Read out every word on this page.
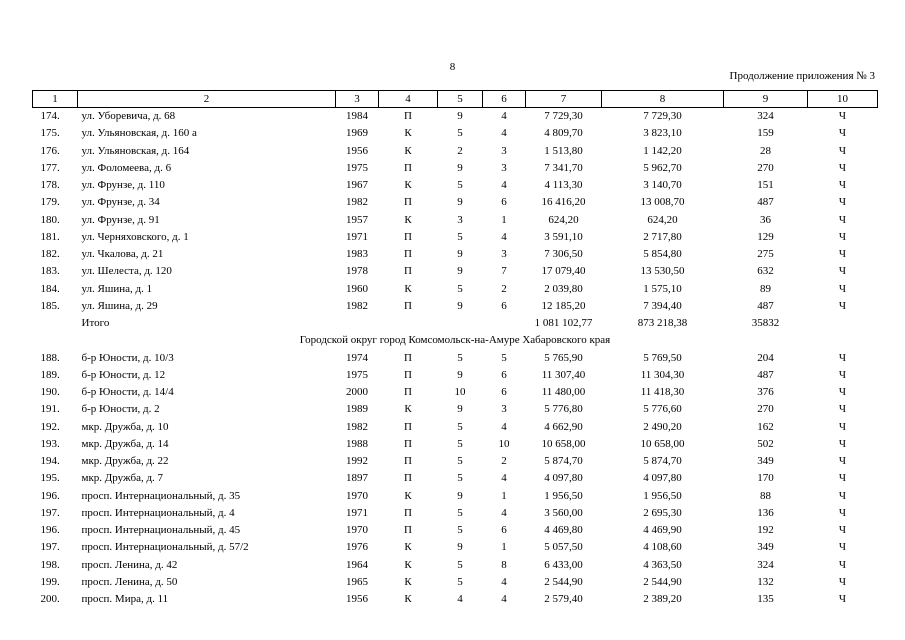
8
Продолжение приложения № 3
1	2	3	4	5	6	7	8	9	10
174.	ул. Уборевича, д. 68	1984	П	9	4	7 729,30	7 729,30	324	Ч
175.	ул. Ульяновская, д. 160 а	1969	К	5	4	4 809,70	3 823,10	159	Ч
176.	ул. Ульяновская, д. 164	1956	К	2	3	1 513,80	1 142,20	28	Ч
177.	ул. Фоломеева, д. 6	1975	П	9	3	7 341,70	5 962,70	270	Ч
178.	ул. Фрунзе, д. 110	1967	К	5	4	4 113,30	3 140,70	151	Ч
179.	ул. Фрунзе, д. 34	1982	П	9	6	16 416,20	13 008,70	487	Ч
180.	ул. Фрунзе, д. 91	1957	К	3	1	624,20	624,20	36	Ч
181.	ул. Черняховского, д. 1	1971	П	5	4	3 591,10	2 717,80	129	Ч
182.	ул. Чкалова, д. 21	1983	П	9	3	7 306,50	5 854,80	275	Ч
183.	ул. Шелеста, д. 120	1978	П	9	7	17 079,40	13 530,50	632	Ч
184.	ул. Яшина, д. 1	1960	К	5	2	2 039,80	1 575,10	89	Ч
185.	ул. Яшина, д. 29	1982	П	9	6	12 185,20	7 394,40	487	Ч
	Итого					1 081 102,77	873 218,38	35832	
Городской округ город Комсомольск-на-Амуре Хабаровского края									
188.	б-р Юности, д. 10/3	1974	П	5	5	5 765,90	5 769,50	204	Ч
189.	б-р Юности, д. 12	1975	П	9	6	11 307,40	11 304,30	487	Ч
190.	б-р Юности, д. 14/4	2000	П	10	6	11 480,00	11 418,30	376	Ч
191.	б-р Юности, д. 2	1989	К	9	3	5 776,80	5 776,60	270	Ч
192.	мкр. Дружба, д. 10	1982	П	5	4	4 662,90	2 490,20	162	Ч
193.	мкр. Дружба, д. 14	1988	П	5	10	10 658,00	10 658,00	502	Ч
194.	мкр. Дружба, д. 22	1992	П	5	2	5 874,70	5 874,70	349	Ч
195.	мкр. Дружба, д. 7	1897	П	5	4	4 097,80	4 097,80	170	Ч
196.	просп. Интернациональный, д. 35	1970	К	9	1	1 956,50	1 956,50	88	Ч
197.	просп. Интернациональный, д. 4	1971	П	5	4	3 560,00	2 695,30	136	Ч
196.	просп. Интернациональный, д. 45	1970	П	5	6	4 469,80	4 469,90	192	Ч
197.	просп. Интернациональный, д. 57/2	1976	К	9	1	5 057,50	4 108,60	349	Ч
198.	просп. Ленина, д. 42	1964	К	5	8	6 433,00	4 363,50	324	Ч
199.	просп. Ленина, д. 50	1965	К	5	4	2 544,90	2 544,90	132	Ч
200.	просп. Мира, д. 11	1956	К	4	4	2 579,40	2 389,20	135	Ч
